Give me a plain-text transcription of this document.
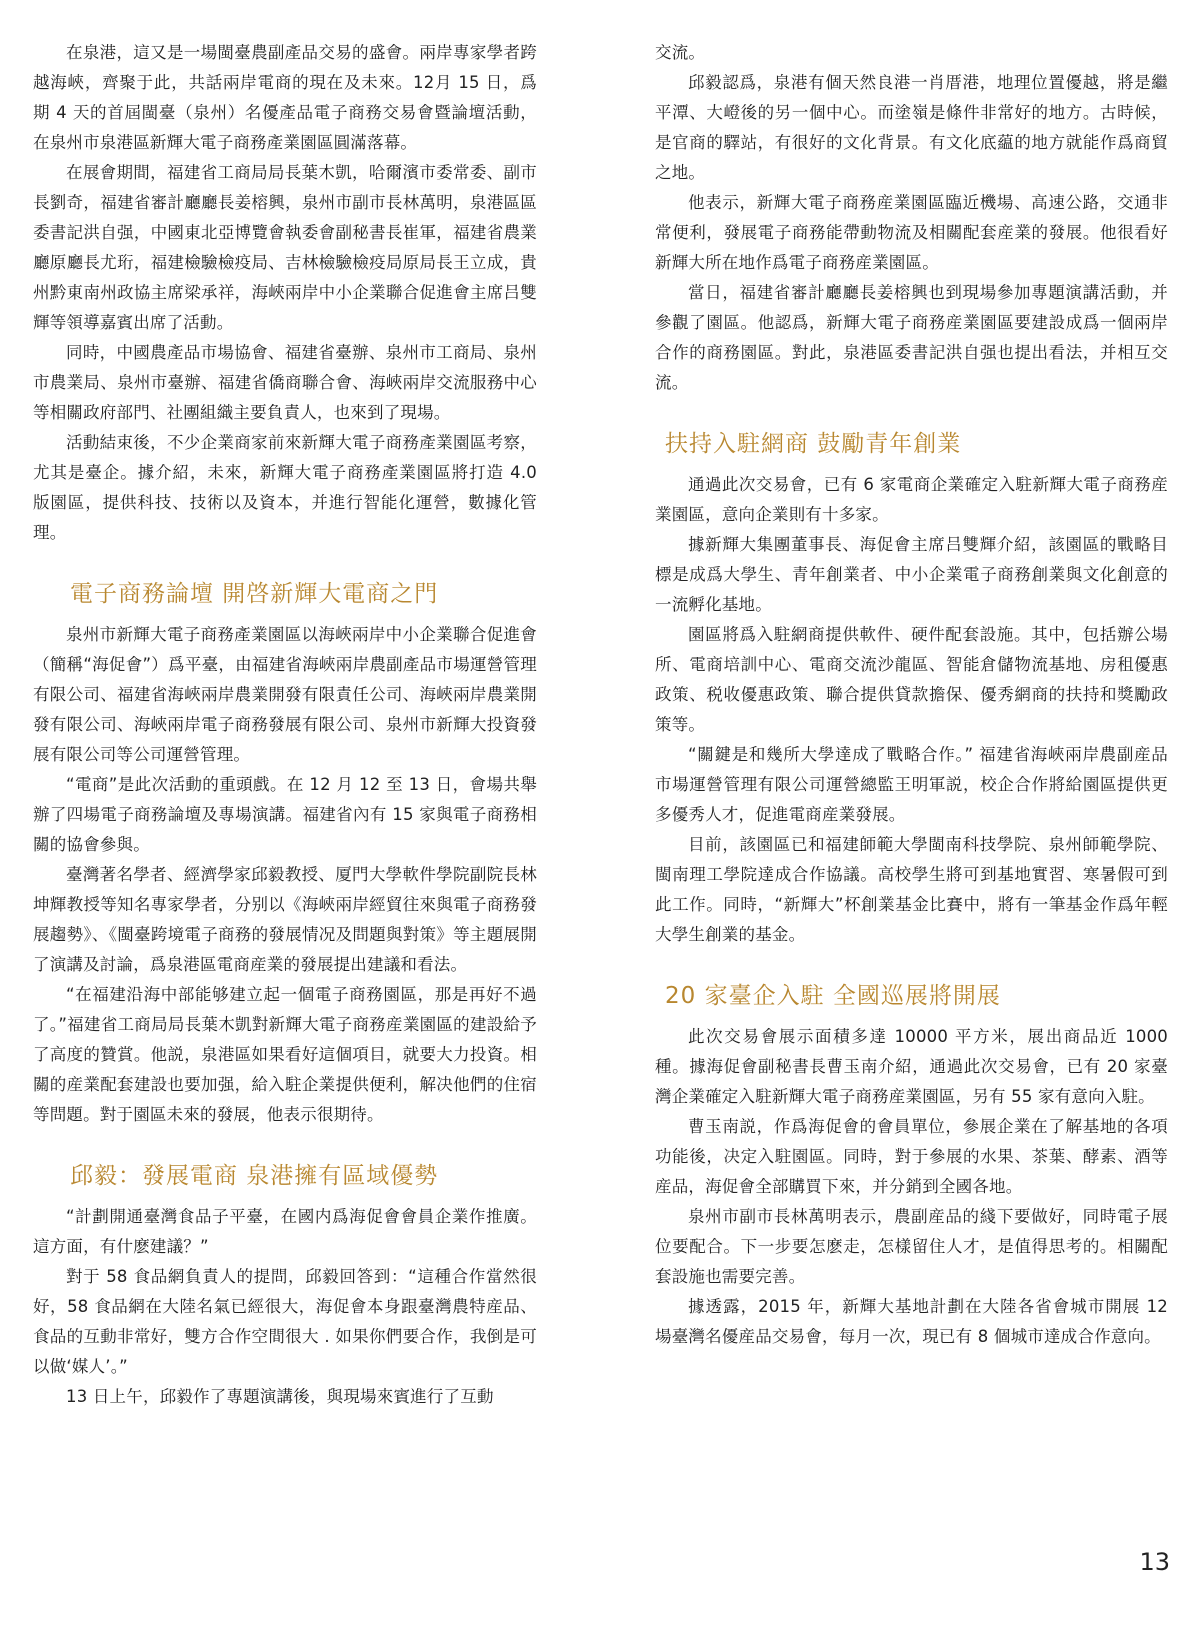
在泉港，這又是一場閩臺農副產品交易的盛會。兩岸專家學者跨越海峽，齊聚于此，共話兩岸電商的現在及未來。12月 15 日，爲期 4 天的首屆閩臺（泉州）名優產品電子商務交易會暨論壇活動，在泉州市泉港區新輝大電子商務產業園區圓滿落幕。

在展會期間，福建省工商局局長葉木凱，哈爾濱市委常委、副市長劉奇，福建省審計廳廳長姜榕興，泉州市副市長林萬明，泉港區區委書記洪自强，中國東北亞博覽會執委會副秘書長崔軍，福建省農業廳原廳長尤珩，福建檢驗檢疫局、吉林檢驗檢疫局原局長王立成，貴州黔東南州政協主席梁承祥，海峽兩岸中小企業聯合促進會主席吕雙輝等領導嘉賓出席了活動。

同時，中國農產品市場協會、福建省臺辦、泉州市工商局、泉州市農業局、泉州市臺辦、福建省僑商聯合會、海峽兩岸交流服務中心等相關政府部門、社團組織主要負責人，也來到了現場。

活動結束後，不少企業商家前來新輝大電子商務產業園區考察，尤其是臺企。據介紹，未來，新輝大電子商務產業園區將打造 4.0 版園區，提供科技、技術以及資本，并進行智能化運營，數據化管理。

電子商務論壇 開啓新輝大電商之門

泉州市新輝大電子商務產業園區以海峽兩岸中小企業聯合促進會（簡稱“海促會”）爲平臺，由福建省海峽兩岸農副產品市場運營管理有限公司、福建省海峽兩岸農業開發有限責任公司、海峽兩岸農業開發有限公司、海峽兩岸電子商務發展有限公司、泉州市新輝大投資發展有限公司等公司運營管理。

“電商”是此次活動的重頭戲。在 12 月 12 至 13 日，會場共舉辦了四場電子商務論壇及專場演講。福建省內有 15 家與電子商務相關的協會參與。

臺灣著名學者、經濟學家邱毅教授、厦門大學軟件學院副院長林坤輝教授等知名專家學者，分别以《海峽兩岸經貿往來與電子商務發展趨勢》、《閩臺跨境電子商務的發展情况及問題與對策》等主題展開了演講及討論，爲泉港區電商産業的發展提出建議和看法。

“在福建沿海中部能够建立起一個電子商務園區，那是再好不過了。”福建省工商局局長葉木凱對新輝大電子商務産業園區的建設給予了高度的贊賞。他説，泉港區如果看好這個項目，就要大力投資。相關的産業配套建設也要加强，給入駐企業提供便利，解决他們的住宿等問題。對于園區未來的發展，他表示很期待。

邱毅：發展電商 泉港擁有區域優勢

“計劃開通臺灣食品子平臺，在國内爲海促會會員企業作推廣。這方面，有什麽建議？”

對于 58 食品網負責人的提問，邱毅回答到：“這種合作當然很好，58 食品網在大陸名氣已經很大，海促會本身跟臺灣農特産品、食品的互動非常好，雙方合作空間很大 . 如果你們要合作，我倒是可以做‘媒人’。”

13 日上午，邱毅作了專題演講後，與現場來賓進行了互動

交流。

邱毅認爲，泉港有個天然良港一肖厝港，地理位置優越，將是繼平潭、大嶝後的另一個中心。而塗嶺是條件非常好的地方。古時候，是官商的驛站，有很好的文化背景。有文化底藴的地方就能作爲商貿之地。

他表示，新輝大電子商務産業園區臨近機場、高速公路，交通非常便利，發展電子商務能帶動物流及相關配套産業的發展。他很看好新輝大所在地作爲電子商務産業園區。

當日，福建省審計廳廳長姜榕興也到現場參加專題演講活動，并參觀了園區。他認爲，新輝大電子商務産業園區要建設成爲一個兩岸合作的商務園區。對此，泉港區委書記洪自强也提出看法，并相互交流。

扶持入駐網商 鼓勵青年創業

通過此次交易會，已有 6 家電商企業確定入駐新輝大電子商務産業園區，意向企業則有十多家。

據新輝大集團董事長、海促會主席吕雙輝介紹，該園區的戰略目標是成爲大學生、青年創業者、中小企業電子商務創業與文化創意的一流孵化基地。

園區將爲入駐網商提供軟件、硬件配套設施。其中，包括辦公場所、電商培訓中心、電商交流沙龍區、智能倉儲物流基地、房租優惠政策、税收優惠政策、聯合提供貸款擔保、優秀網商的扶持和獎勵政策等。

“關鍵是和幾所大學達成了戰略合作。” 福建省海峽兩岸農副産品市場運營管理有限公司運營總監王明軍説，校企合作將給園區提供更多優秀人才，促進電商産業發展。

目前，該園區已和福建師範大學閩南科技學院、泉州師範學院、閩南理工學院達成合作協議。高校學生將可到基地實習、寒暑假可到此工作。同時，“新輝大”杯創業基金比賽中，將有一筆基金作爲年輕大學生創業的基金。

20 家臺企入駐 全國巡展將開展

此次交易會展示面積多達 10000 平方米，展出商品近 1000 種。據海促會副秘書長曹玉南介紹，通過此次交易會，已有 20 家臺灣企業確定入駐新輝大電子商務産業園區，另有 55 家有意向入駐。

曹玉南説，作爲海促會的會員單位，參展企業在了解基地的各項功能後，决定入駐園區。同時，對于參展的水果、茶葉、酵素、酒等産品，海促會全部購買下來，并分銷到全國各地。

泉州市副市長林萬明表示，農副産品的綫下要做好，同時電子展位要配合。下一步要怎麽走，怎樣留住人才，是值得思考的。相關配套設施也需要完善。

據透露，2015 年，新輝大基地計劃在大陸各省會城市開展 12 場臺灣名優産品交易會，每月一次，現已有 8 個城市達成合作意向。

13
